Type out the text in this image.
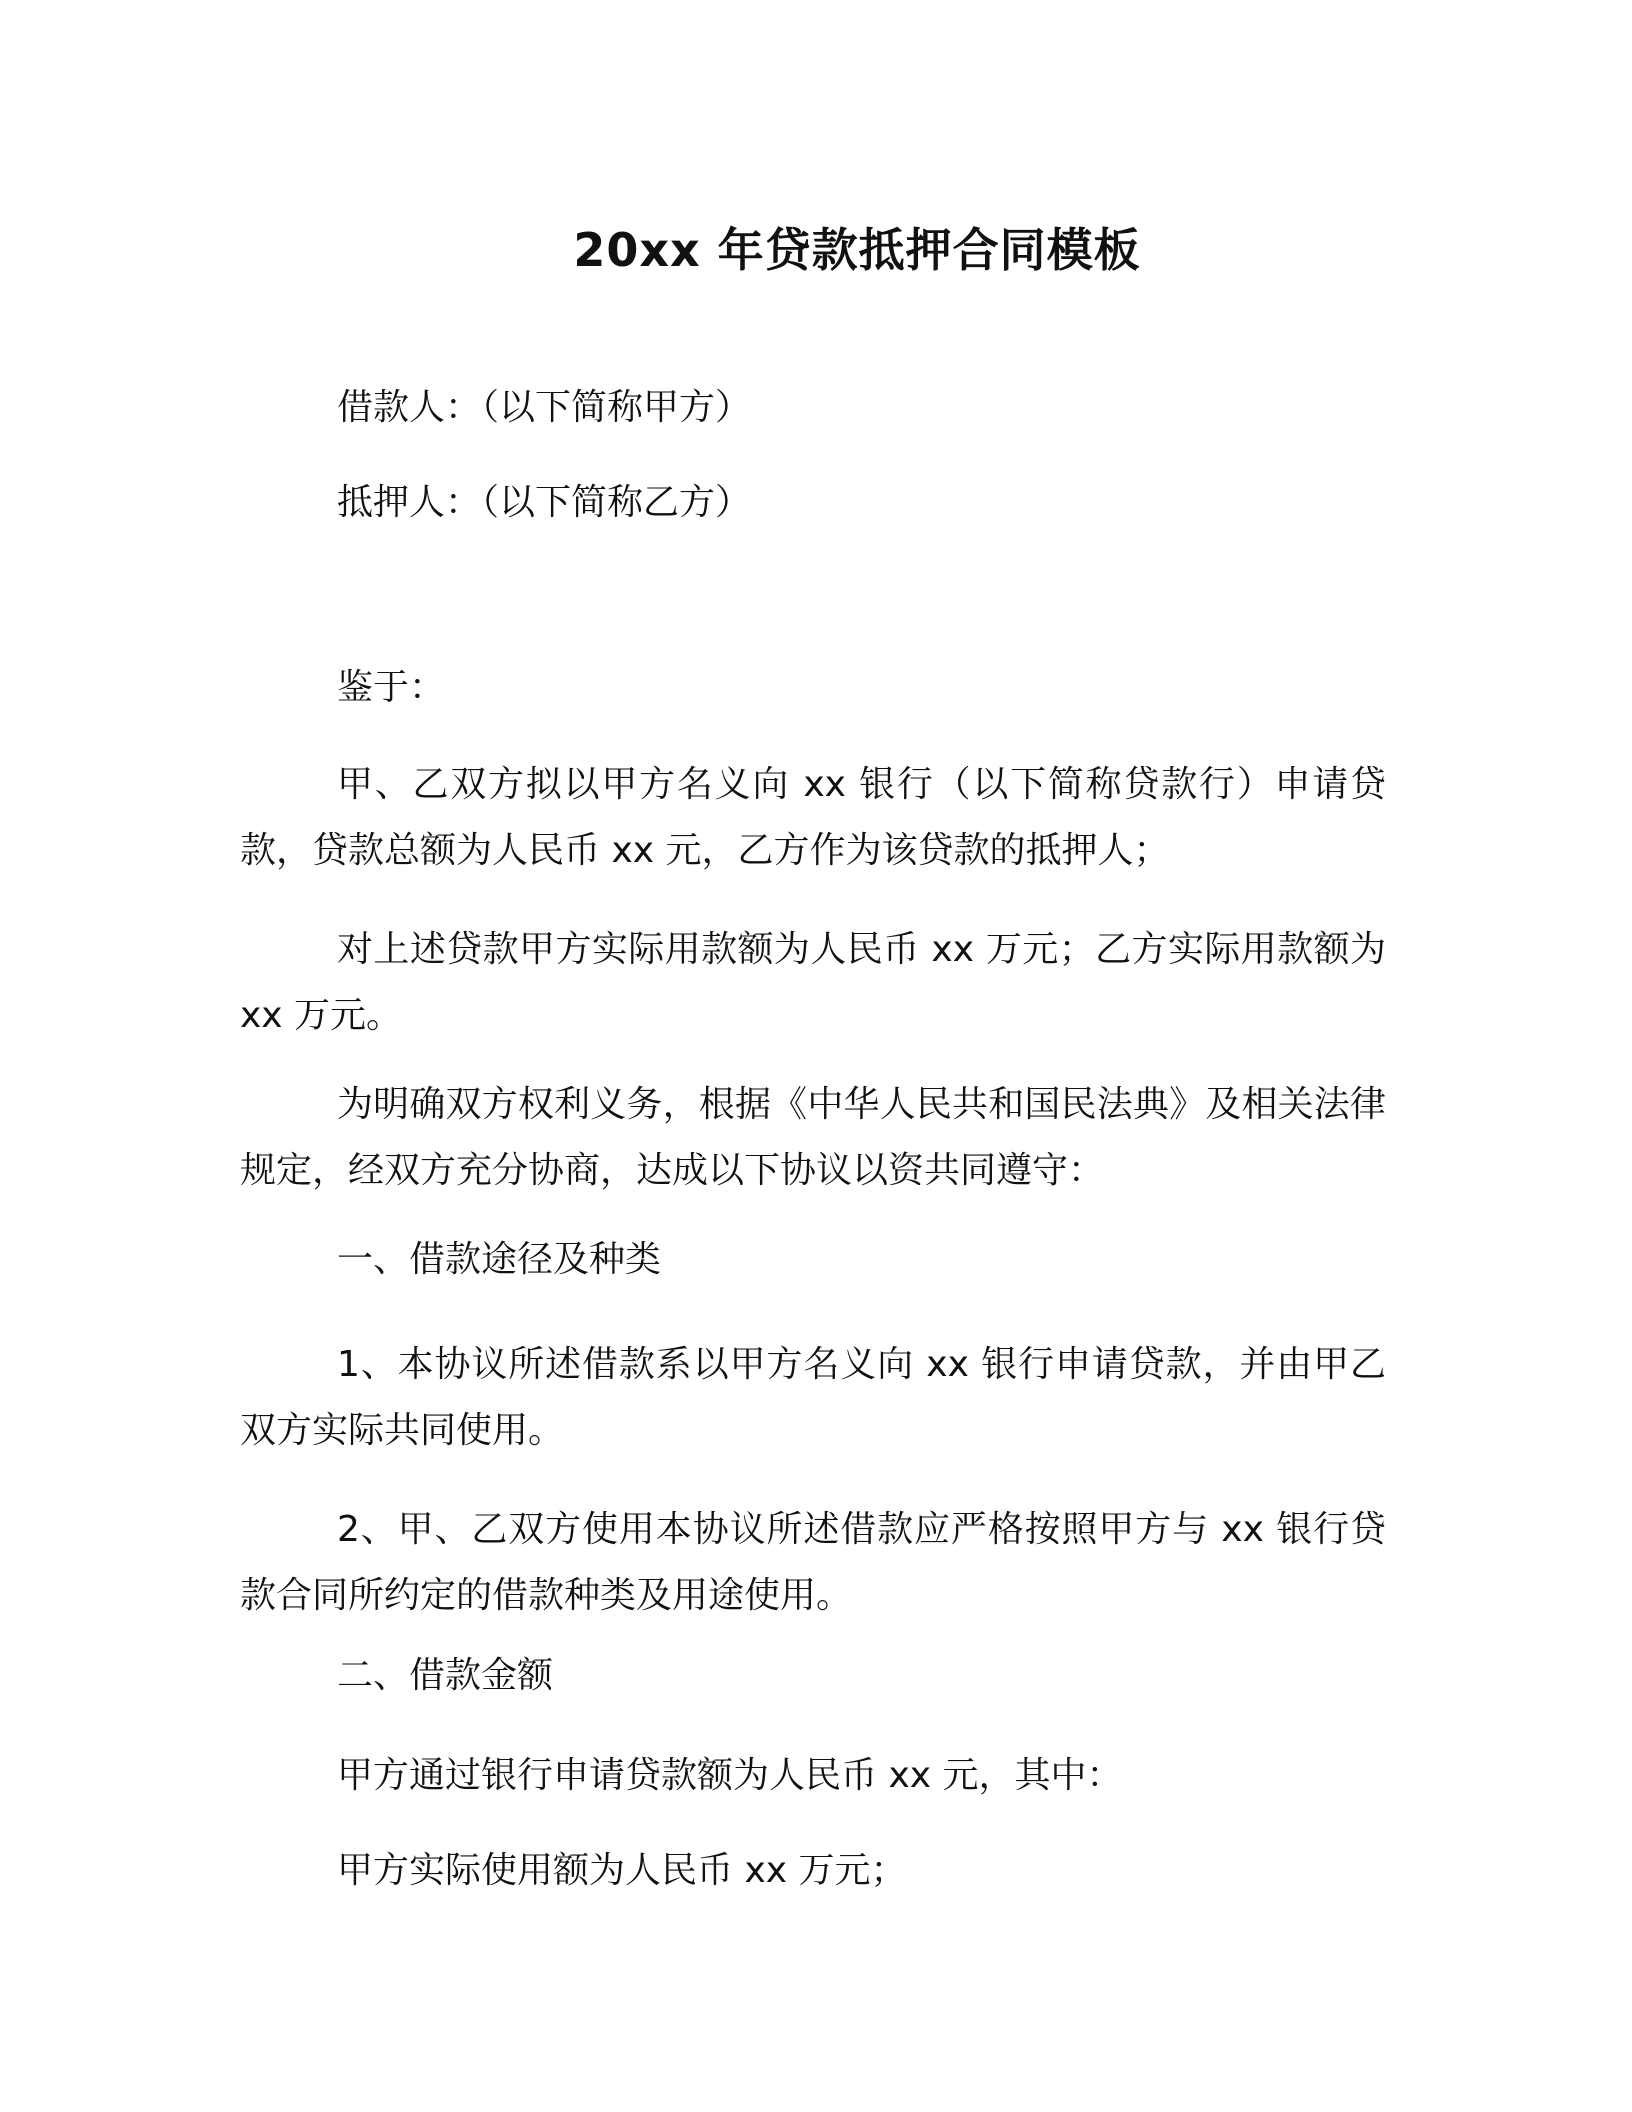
20xx 年贷款抵押合同模板
借款人：（以下简称甲方）
抵押人：（以下简称乙方）
鉴于：
甲、乙双方拟以甲方名义向 xx 银行（以下简称贷款行）申请贷款，贷款总额为人民币 xx 元，乙方作为该贷款的抵押人；
对上述贷款甲方实际用款额为人民币 xx 万元；乙方实际用款额为 xx 万元。
为明确双方权利义务，根据《中华人民共和国民法典》及相关法律规定，经双方充分协商，达成以下协议以资共同遵守：
一、借款途径及种类
1、本协议所述借款系以甲方名义向 xx 银行申请贷款，并由甲乙双方实际共同使用。
2、甲、乙双方使用本协议所述借款应严格按照甲方与 xx 银行贷款合同所约定的借款种类及用途使用。
二、借款金额
甲方通过银行申请贷款额为人民币 xx 元，其中：
甲方实际使用额为人民币 xx 万元；
